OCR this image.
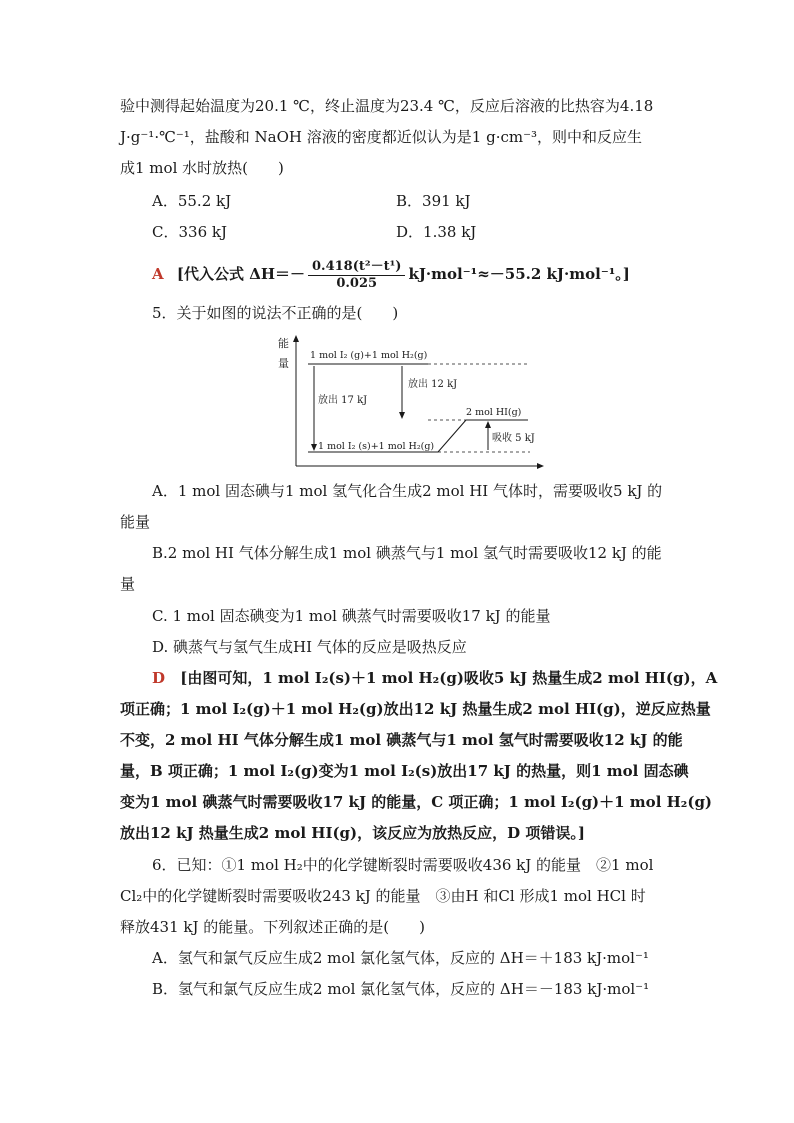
验中测得起始温度为20.1 ℃，终止温度为23.4 ℃，反应后溶液的比热容为4.18
J·g⁻¹·℃⁻¹，盐酸和 NaOH 溶液的密度都近似认为是1 g·cm⁻³，则中和反应生
成1 mol 水时放热(　　)
A．55.2 kJ	B．391 kJ
C．336 kJ	D．1.38 kJ
A [代入公式 $\Delta H=- \frac{\text{0.418(t²－t¹)}}{0.025} kJ\cdot mol^{-1}\approx-55.2$ kJ·mol⁻¹。]
5．关于如图的说法不正确的是(　　)
能
量
1 mol I₂ (g)+1 mol H₂(g)
2 mol HI(g)
1 mol I₂ (s)+1 mol H₂(g)
放出 17 kJ
放出 12 kJ
吸收 5 kJ
A．1 mol 固态碘与1 mol 氢气化合生成2 mol HI 气体时，需要吸收5 kJ 的
能量
B.2 mol HI 气体分解生成1 mol 碘蒸气与1 mol 氢气时需要吸收12 kJ 的能
量
C. 1 mol 固态碘变为1 mol 碘蒸气时需要吸收17 kJ 的能量
D. 碘蒸气与氢气生成HI 气体的反应是吸热反应
D [由图可知，1 mol I₂(s)＋1 mol H₂(g)吸收5 kJ 热量生成2 mol HI(g)，A
项正确；1 mol I₂(g)＋1 mol H₂(g)放出12 kJ 热量生成2 mol HI(g)，逆反应热量
不变，2 mol HI 气体分解生成1 mol 碘蒸气与1 mol 氢气时需要吸收12 kJ 的能
量，B 项正确；1 mol I₂(g)变为1 mol I₂(s)放出17 kJ 的热量，则1 mol 固态碘
变为1 mol 碘蒸气时需要吸收17 kJ 的能量，C 项正确；1 mol I₂(g)＋1 mol H₂(g)
放出12 kJ 热量生成2 mol HI(g)，该反应为放热反应，D 项错误。]
6．已知：①1 mol H₂中的化学键断裂时需要吸收436 kJ 的能量　②1 mol
Cl₂中的化学键断裂时需要吸收243 kJ 的能量　③由H 和Cl 形成1 mol HCl 时
释放431 kJ 的能量。下列叙述正确的是(　　)
A．氢气和氯气反应生成2 mol 氯化氢气体，反应的 ΔH＝＋183 kJ·mol⁻¹
B．氢气和氯气反应生成2 mol 氯化氢气体，反应的 ΔH＝－183 kJ·mol⁻¹
